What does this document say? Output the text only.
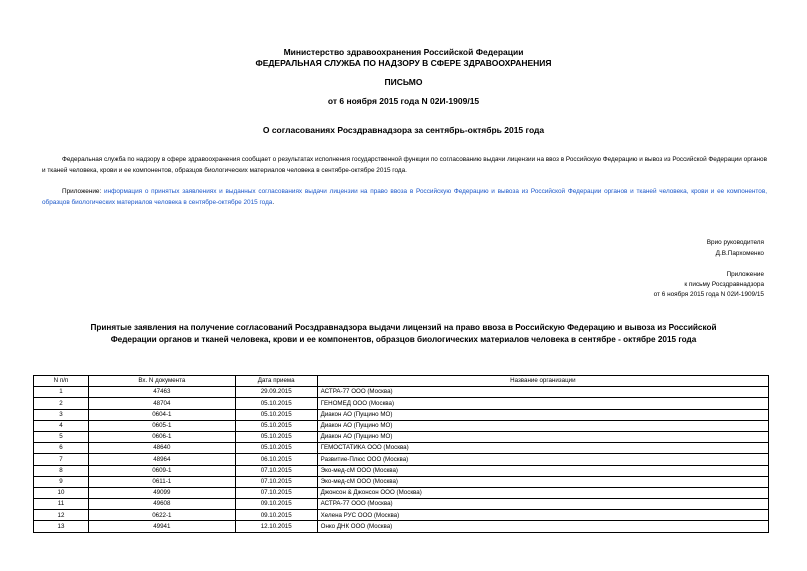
Министерство здравоохранения Российской Федерации
ФЕДЕРАЛЬНАЯ СЛУЖБА ПО НАДЗОРУ В СФЕРЕ ЗДРАВООХРАНЕНИЯ
ПИСЬМО
от 6 ноября 2015 года N 02И-1909/15
О согласованиях Росздравнадзора за сентябрь-октябрь 2015 года
Федеральная служба по надзору в сфере здравоохранения сообщает о результатах исполнения государственной функции по согласованию выдачи лицензии на ввоз в Российскую Федерацию и вывоз из Российской Федерации органов и тканей человека, крови и ее компонентов, образцов биологических материалов человека в сентябре-октябре 2015 года.
Приложение: информация о принятых заявлениях и выданных согласованиях выдачи лицензии на право ввоза в Российскую Федерацию и вывоза из Российской Федерации органов и тканей человека, крови и ее компонентов, образцов биологических материалов человека в сентябре-октябре 2015 года.
Врио руководителя
Д.В.Пархоменко
Приложение
к письму Росздравнадзора
от 6 ноября 2015 года N 02И-1909/15
Принятые заявления на получение согласований Росздравнадзора выдачи лицензий на право ввоза в Российскую Федерацию и вывоза из Российской Федерации органов и тканей человека, крови и ее компонентов, образцов биологических материалов человека в сентябре - октябре 2015 года
N п/п	Вх. N документа	Дата приема	Название организации
1	47463	29.09.2015	АСТРА-77 ООО (Москва)
2	48704	05.10.2015	ГЕНОМЕД ООО (Москва)
3	0604-1	05.10.2015	Диакон АО (Пущино МО)
4	0605-1	05.10.2015	Диакон АО (Пущино МО)
5	0606-1	05.10.2015	Диакон АО (Пущино МО)
6	48640	05.10.2015	ГЕМОСТАТИКА ООО (Москва)
7	48964	06.10.2015	Развитие-Плюс ООО (Москва)
8	0609-1	07.10.2015	Эко-мед-сМ ООО (Москва)
9	0611-1	07.10.2015	Эко-мед-сМ ООО (Москва)
10	49099	07.10.2015	Джонсон & Джонсон ООО (Москва)
11	49608	09.10.2015	АСТРА-77 ООО (Москва)
12	0622-1	09.10.2015	Хелена РУС ООО (Москва)
13	49941	12.10.2015	Онко ДНК ООО (Москва)
